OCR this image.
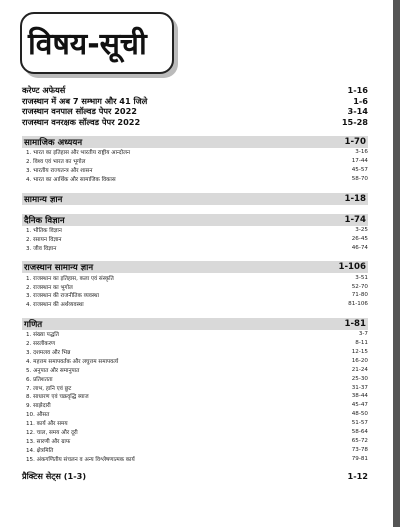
विषय-सूची
करेण्ट अफेयर्स	1-16
राजस्थान में अब 7 सम्भाग और 41 जिले	1-6
राजस्थान वनपाल सॉल्वड पेपर 2022	3-14
राजस्थान वनरक्षक सॉल्वड पेपर 2022	15-28
सामाजिक अध्ययन	1-70
1. भारत का इतिहास और भारतीय राष्ट्रीय आन्दोलन	3-16
2. विश्व एवं भारत का भूगोल	17-44
3. भारतीय राज्यतन्त्र और शासन	45-57
4. भारत का आर्थिक और सामाजिक विकास	58-70
सामान्य ज्ञान	1-18
दैनिक विज्ञान	1-74
1. भौतिक विज्ञान	3-25
2. रसायन विज्ञान	26-45
3. जीव विज्ञान	46-74
राजस्थान सामान्य ज्ञान	1-106
1. राजस्थान का इतिहास, कला एवं संस्कृति	3-51
2. राजस्थान का भूगोल	52-70
3. राजस्थान की राजनीतिक व्यवस्था	71-80
4. राजस्थान की अर्थव्यवस्था	81-106
गणित	1-81
1. संख्या पद्धति	3-7
2. सरलीकरण	8-11
3. दशमलव और भिन्न	12-15
4. महत्तम समापवर्तक और लघुत्तम समापवर्त्य	16-20
5. अनुपात और समानुपात	21-24
6. प्रतिशतता	25-30
7. लाभ, हानि एवं छूट	31-37
8. साधारण एवं चक्रवृद्धि ब्याज	38-44
9. साझेदारी	45-47
10. औसत	48-50
11. कार्य और समय	51-57
12. चाल, समय और दूरी	58-64
13. सारणी और ग्राफ	65-72
14. क्षेत्रमिति	73-78
15. अंकगणितीय संचलन व अन्य विश्लेषणात्मक कार्य	79-81
प्रैक्टिस सेट्स (1-3)	1-12
